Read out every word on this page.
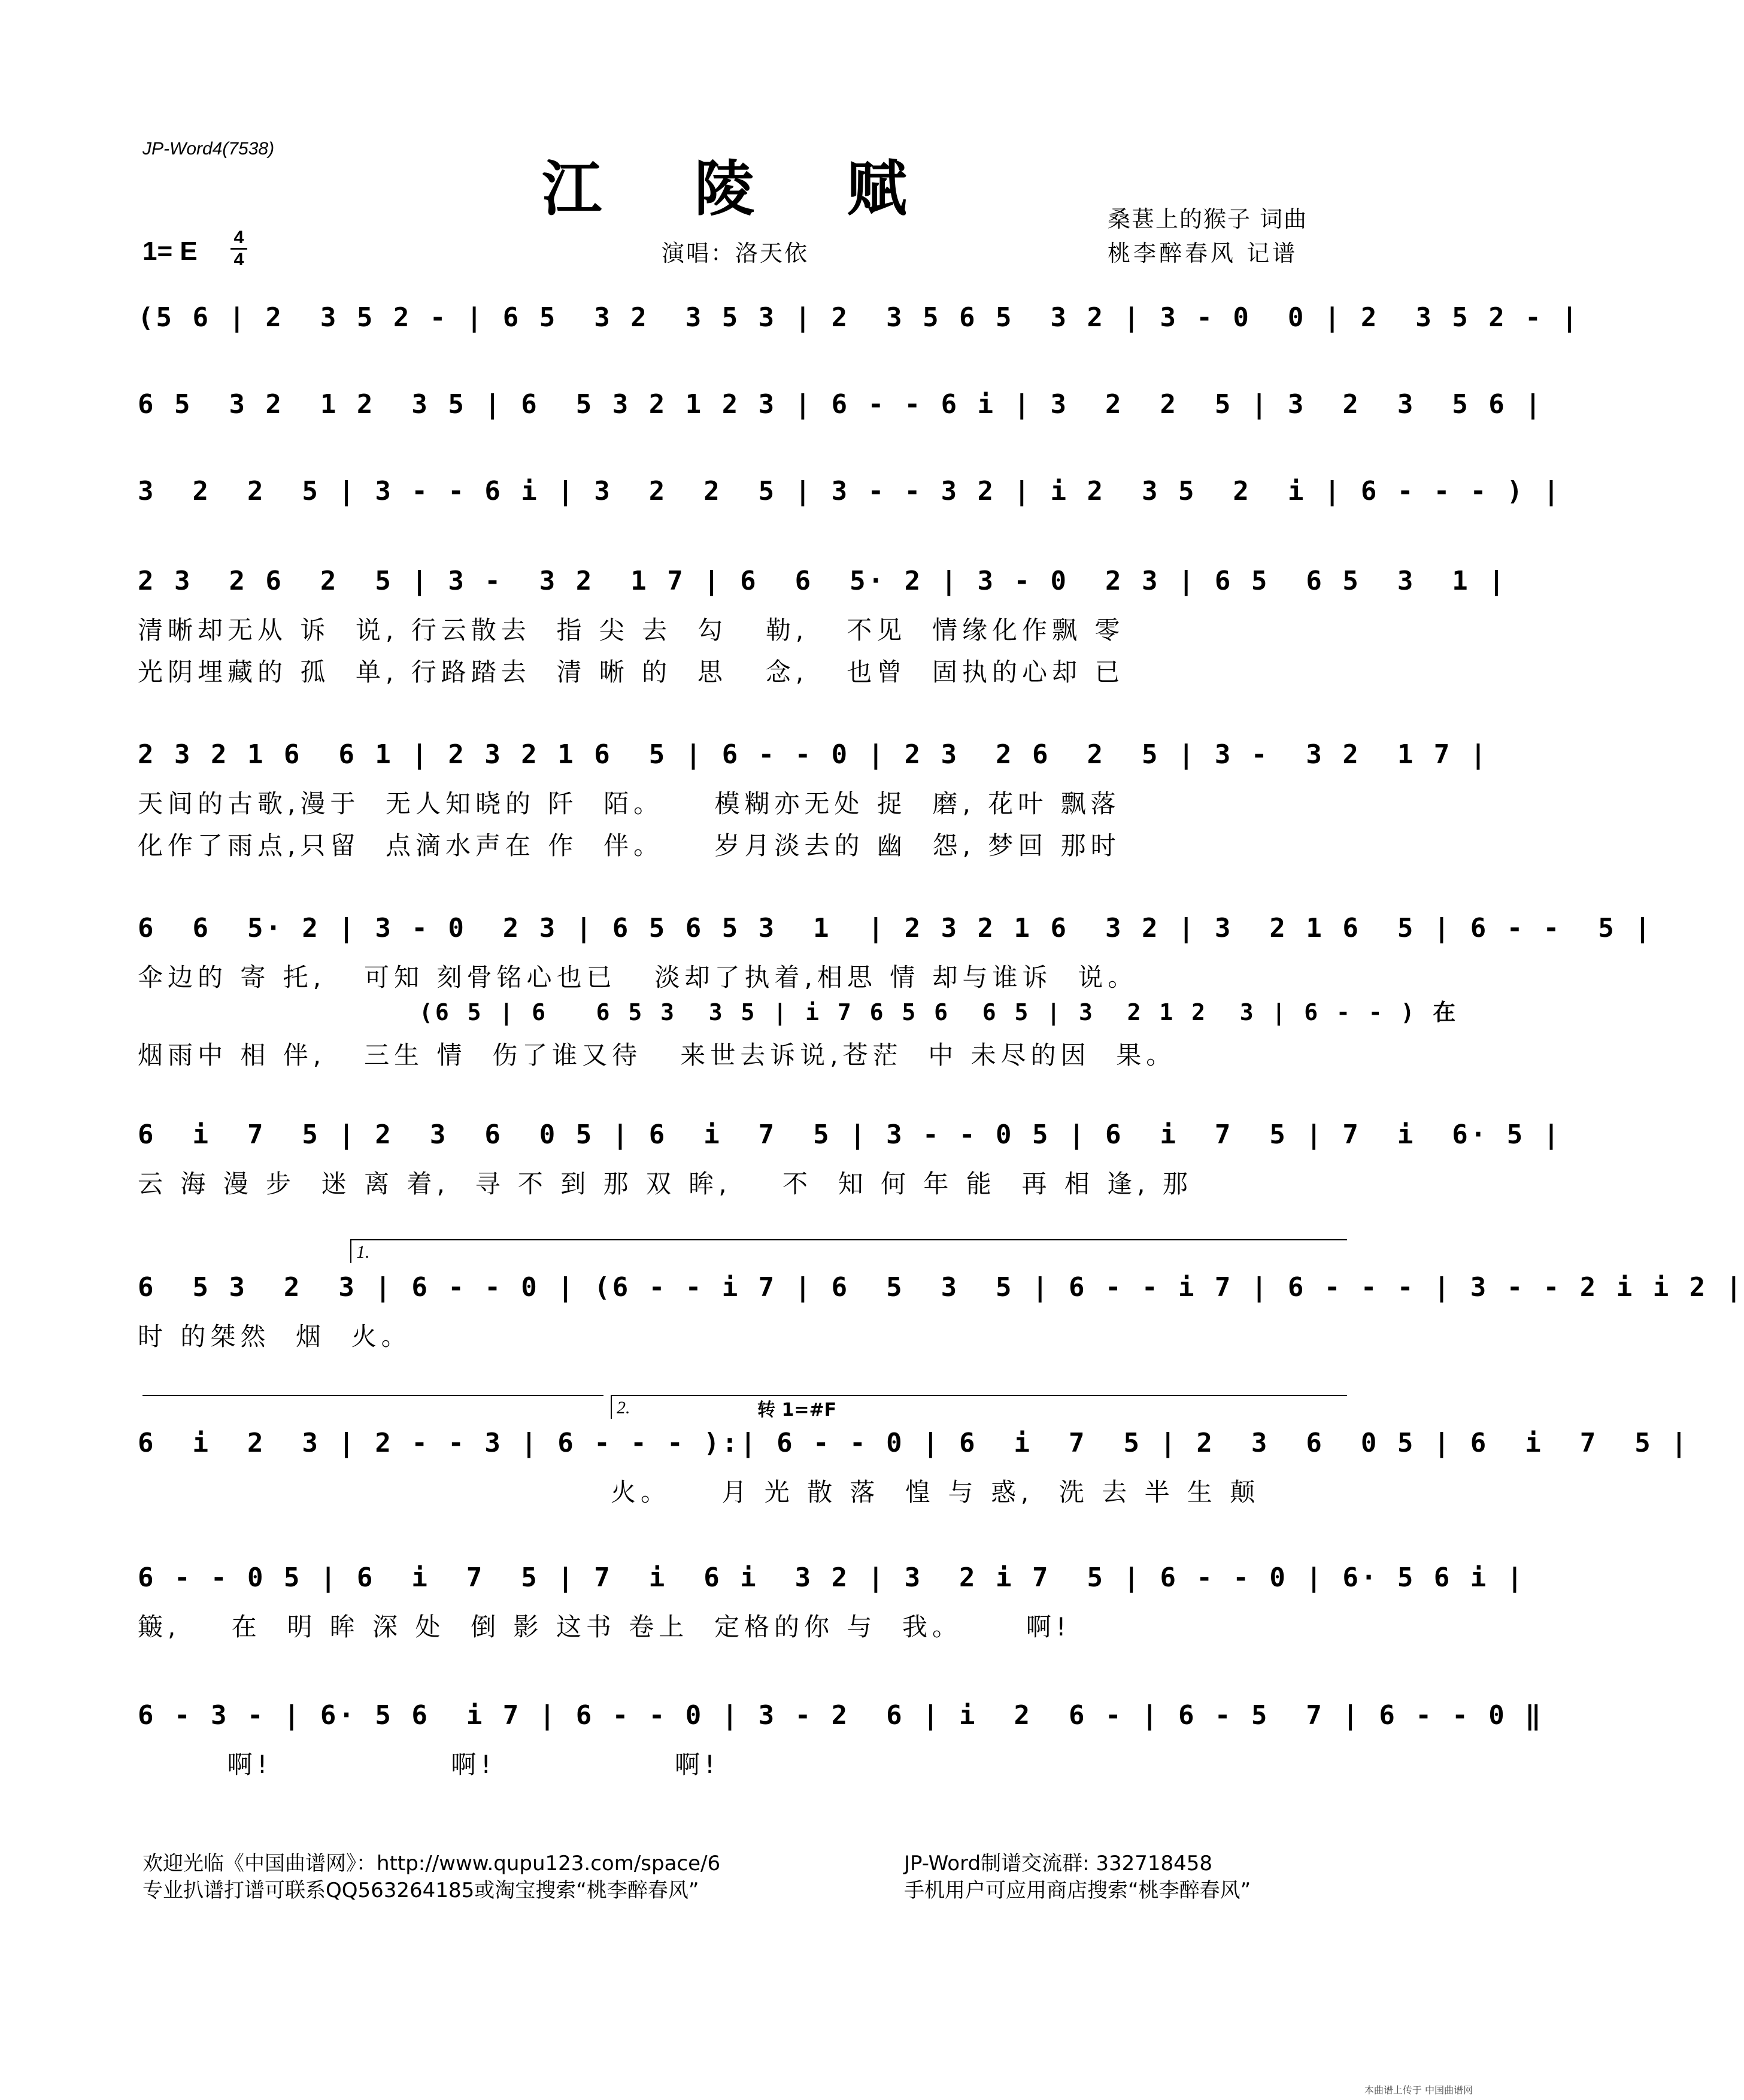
JP-Word4(7538)
江 陵 赋	桑葚上的猴子 词曲
桃李醉春风 记谱
演唱：洛天依
1= E 4
4
(5 6 | 2  3 5 2 - | 6 5  3 2  3 5 3 | 2  3 5 6 5  3 2 | 3 - 0  0 | 2  3 5 2 - |
6 5  3 2  1 2  3 5 | 6  5 3 2 1 2 3 | 6 - - 6 i | 3  2  2  5 | 3  2  3  5 6 |
3  2  2  5 | 3 - - 6 i | 3  2  2  5 | 3 - - 3 2 | i 2  3 5  2  i | 6 - - - ) |
2 3  2 6  2  5 | 3 -  3 2  1 7 | 6  6  5· 2 | 3 - 0  2 3 | 6 5  6 5  3  1 |
清晰却无从 诉  说, 行云散去  指 尖 去  勾   勒,   不见  情缘化作飘 零
光阴埋藏的 孤  单, 行路踏去  清 晰 的  思   念,   也曾  固执的心却 已
2 3 2 1 6  6 1 | 2 3 2 1 6  5 | 6 - - 0 | 2 3  2 6  2  5 | 3 -  3 2  1 7 |
天间的古歌,漫于  无人知晓的 阡  陌。    模糊亦无处 捉  磨, 花叶 飘落
化作了雨点,只留  点滴水声在 作  伴。    岁月淡去的 幽  怨, 梦回 那时
6  6  5· 2 | 3 - 0  2 3 | 6 5 6 5 3  1  | 2 3 2 1 6  3 2 | 3  2 1 6  5 | 6 - -  5 |
伞边的 寄 托,   可知 刻骨铭心也已   淡却了执着,相思 情 却与谁诉  说。
(6 5 | 6   6 5 3  3 5 | i 7 6 5 6  6 5 | 3  2 1 2  3 | 6 - - ) 在
烟雨中 相 伴,   三生 情  伤了谁又待   来世去诉说,苍茫  中 未尽的因  果。
6  i  7  5 | 2  3  6  0 5 | 6  i  7  5 | 3 - - 0 5 | 6  i  7  5 | 7  i  6· 5 |
云 海 漫 步  迷 离 着,  寻 不 到 那 双 眸,    不  知 何 年 能  再 相 逢, 那
1.
6  5 3  2  3 | 6 - - 0 | (6 - - i 7 | 6  5  3  5 | 6 - - i 7 | 6 - - - | 3 - - 2 i i 2 |
时 的桀然  烟  火。
2.	转 1=#F
6  i  2  3 | 2 - - 3 | 6 - - - ):| 6 - - 0 | 6  i  7  5 | 2  3  6  0 5 | 6  i  7  5 |
火。    月 光 散 落  惶 与 惑,  洗 去 半 生 颠
6 - - 0 5 | 6  i  7  5 | 7  i  6 i  3 2 | 3  2 i 7  5 | 6 - - 0 | 6· 5 6 i |
簸,    在  明 眸 深 处  倒 影 这书 卷上  定格的你 与  我。     啊!
6 - 3 - | 6· 5 6  i 7 | 6 - - 0 | 3 - 2  6 | i  2  6 - | 6 - 5  7 | 6 - - 0 ‖
啊!              啊!              啊!
欢迎光临《中国曲谱网》：http://www.qupu123.com/space/6
专业扒谱打谱可联系QQ563264185或淘宝搜索“桃李醉春风”
JP-Word制谱交流群: 332718458
手机用户可应用商店搜索“桃李醉春风”
本曲谱上传于 中国曲谱网
